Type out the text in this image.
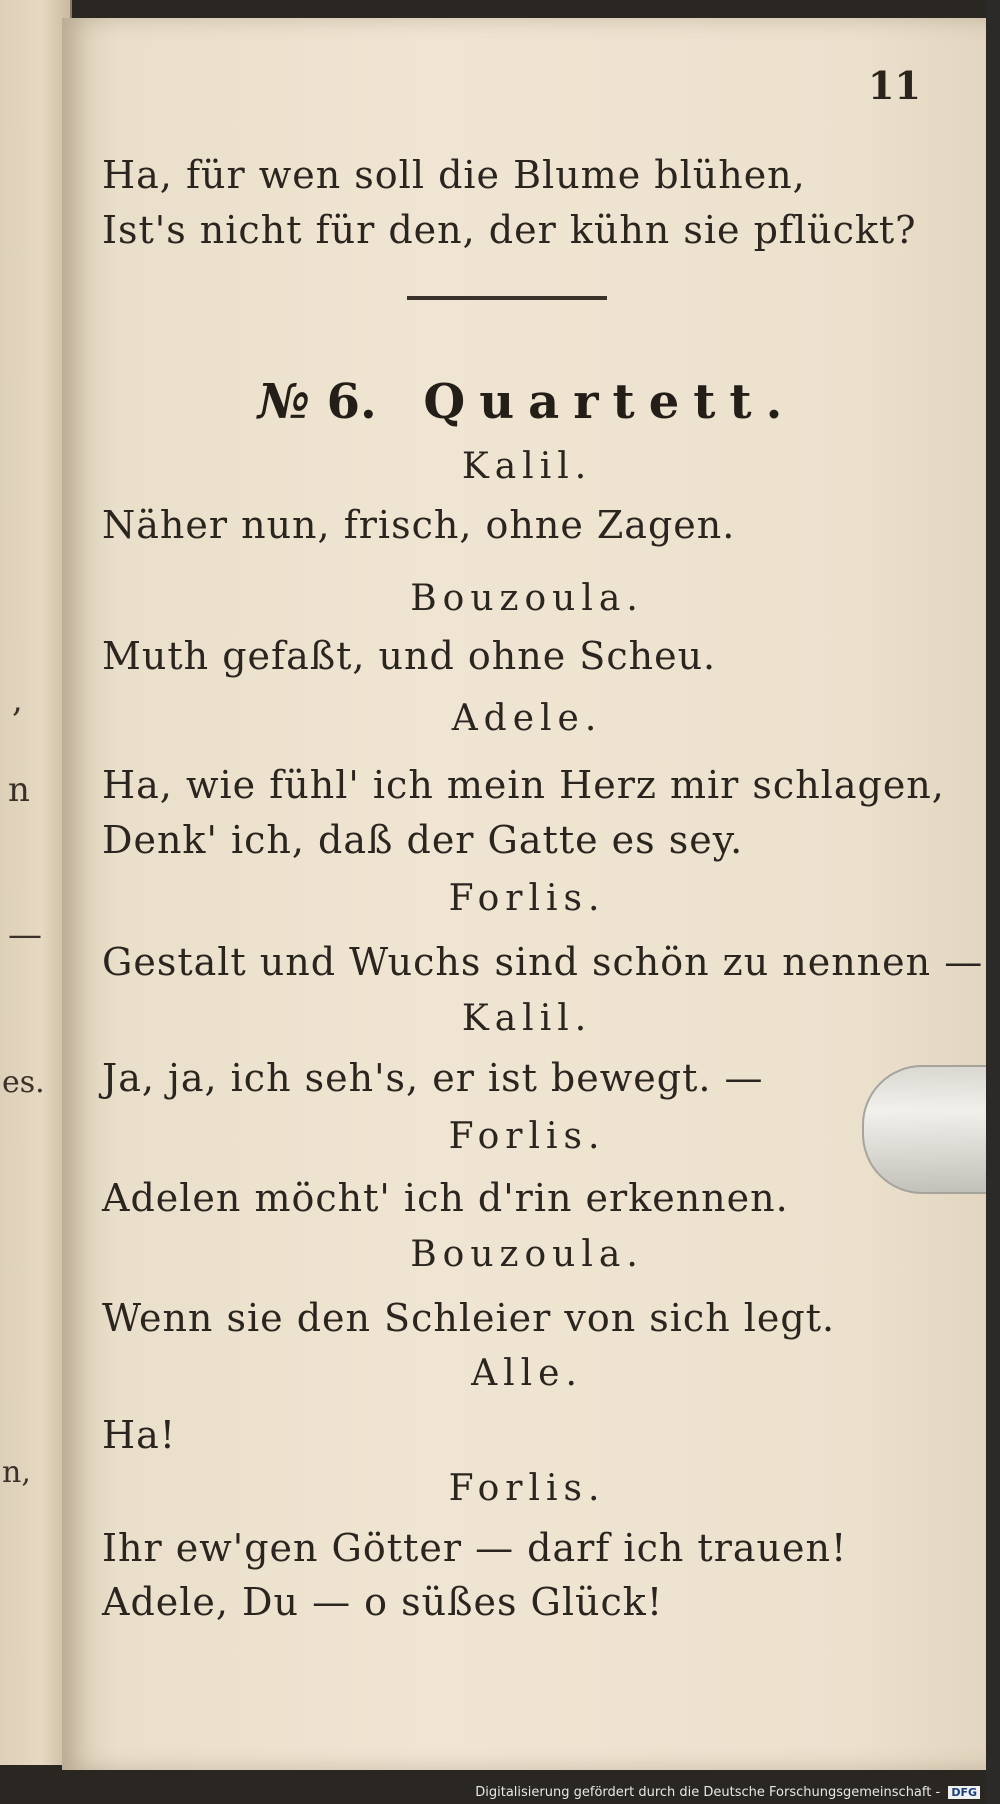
,
n
—
es.
n,
11
Ha, für wen soll die Blume blühen,
Ist's nicht für den, der kühn sie pflückt?
№ 6. Quartett.
Kalil.
Näher nun, frisch, ohne Zagen.
Bouzoula.
Muth gefaßt, und ohne Scheu.
Adele.
Ha, wie fühl' ich mein Herz mir schlagen,
Denk' ich, daß der Gatte es sey.
Forlis.
Gestalt und Wuchs sind schön zu nennen —
Kalil.
Ja, ja, ich seh's, er ist bewegt. —
Forlis.
Adelen möcht' ich d'rin erkennen.
Bouzoula.
Wenn sie den Schleier von sich legt.
Alle.
Ha!
Forlis.
Ihr ew'gen Götter — darf ich trauen!
Adele, Du — o süßes Glück!
Digitalisierung gefördert durch die Deutsche Forschungsgemeinschaft - DFG
